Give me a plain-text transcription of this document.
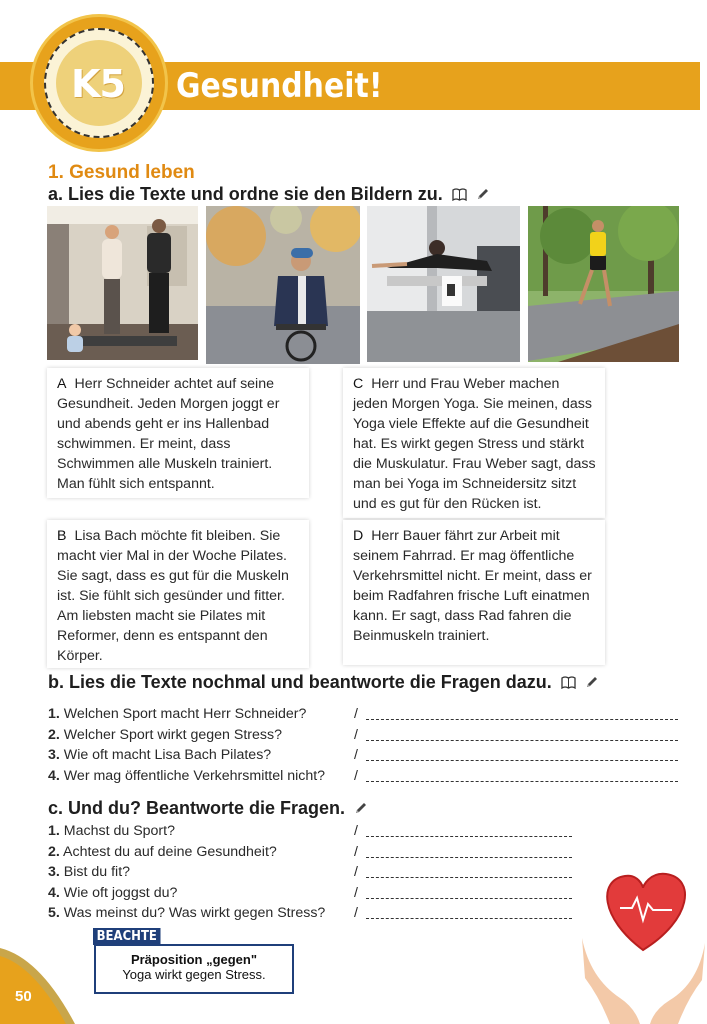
K5	Gesundheit!
1. Gesund leben
a. Lies die Texte und ordne sie den Bildern zu.
A Herr Schneider achtet auf seine Gesundheit. Jeden Morgen joggt er und abends geht er ins Hallenbad schwimmen. Er meint, dass Schwimmen alle Muskeln trainiert. Man fühlt sich entspannt.
C Herr und Frau Weber machen jeden Morgen Yoga. Sie meinen, dass Yoga viele Effekte auf die Gesundheit hat. Es wirkt gegen Stress und stärkt die Muskulatur. Frau Weber sagt, dass man bei Yoga im Schneidersitz sitzt und es gut für den Rücken ist.
B Lisa Bach möchte fit bleiben. Sie macht vier Mal in der Woche Pilates. Sie sagt, dass es gut für die Muskeln ist. Sie fühlt sich gesünder und fitter. Am liebsten macht sie Pilates mit Reformer, denn es entspannt den Körper.
D Herr Bauer fährt zur Arbeit mit seinem Fahrrad. Er mag öffentliche Verkehrsmittel nicht. Er meint, dass er beim Radfahren frische Luft einatmen kann. Er sagt, dass Rad fahren die Beinmuskeln trainiert.
b. Lies die Texte nochmal und beantworte die Fragen dazu.
1. Welchen Sport macht Herr Schneider?	/
2. Welcher Sport wirkt gegen Stress?	/
3. Wie oft macht Lisa Bach Pilates?	/
4. Wer mag öffentliche Verkehrsmittel nicht? /
c. Und du? Beantworte die Fragen.
1. Machst du Sport?	/
2. Achtest du auf deine Gesundheit?	/
3. Bist du fit?	/
4. Wie oft joggst du?	/
5. Was meinst du? Was wirkt gegen Stress? /
BEACHTE
Präposition „gegen"
Yoga wirkt gegen Stress.
50
